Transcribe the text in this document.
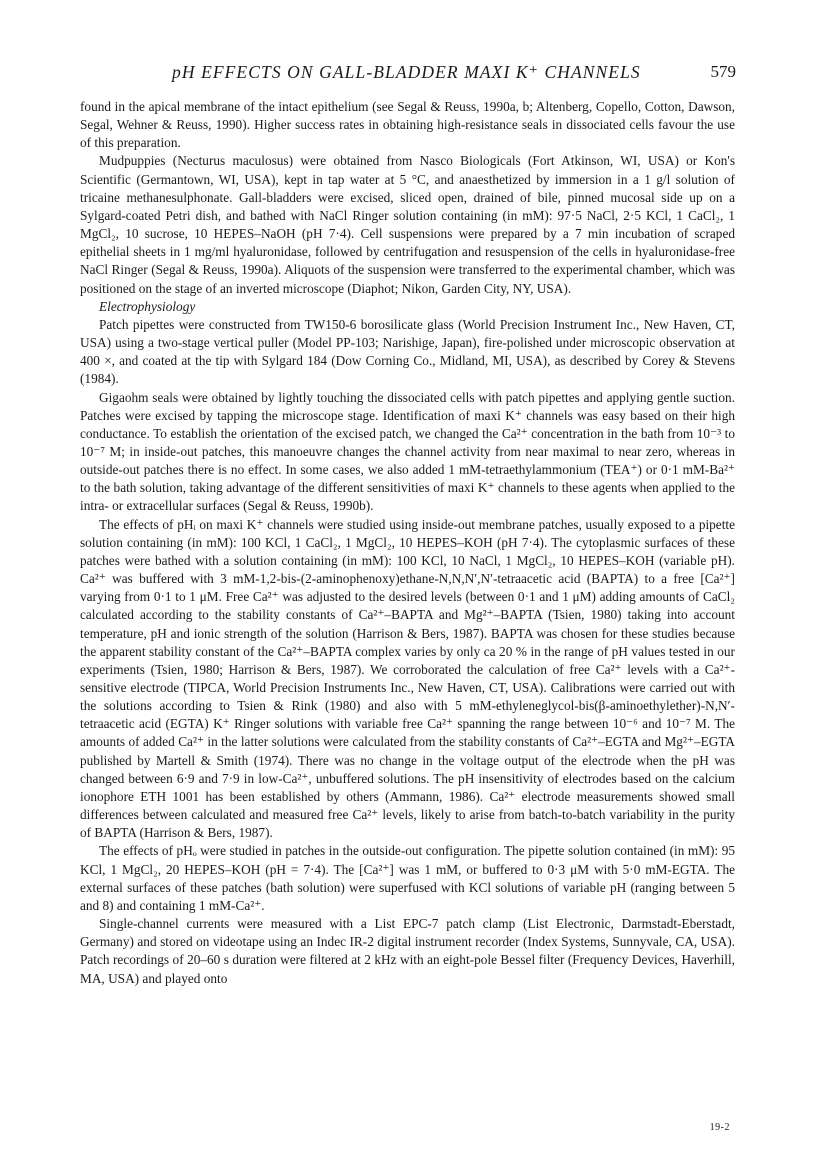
pH EFFECTS ON GALL-BLADDER MAXI K⁺ CHANNELS	579

found in the apical membrane of the intact epithelium (see Segal & Reuss, 1990a, b; Altenberg, Copello, Cotton, Dawson, Segal, Wehner & Reuss, 1990). Higher success rates in obtaining high-resistance seals in dissociated cells favour the use of this preparation.

Mudpuppies (Necturus maculosus) were obtained from Nasco Biologicals (Fort Atkinson, WI, USA) or Kon's Scientific (Germantown, WI, USA), kept in tap water at 5 °C, and anaesthetized by immersion in a 1 g/l solution of tricaine methanesulphonate. Gall-bladders were excised, sliced open, drained of bile, pinned mucosal side up on a Sylgard-coated Petri dish, and bathed with NaCl Ringer solution containing (in mM): 97·5 NaCl, 2·5 KCl, 1 CaCl₂, 1 MgCl₂, 10 sucrose, 10 HEPES–NaOH (pH 7·4). Cell suspensions were prepared by a 7 min incubation of scraped epithelial sheets in 1 mg/ml hyaluronidase, followed by centrifugation and resuspension of the cells in hyaluronidase-free NaCl Ringer (Segal & Reuss, 1990a). Aliquots of the suspension were transferred to the experimental chamber, which was positioned on the stage of an inverted microscope (Diaphot; Nikon, Garden City, NY, USA).

Electrophysiology

Patch pipettes were constructed from TW150-6 borosilicate glass (World Precision Instrument Inc., New Haven, CT, USA) using a two-stage vertical puller (Model PP-103; Narishige, Japan), fire-polished under microscopic observation at 400 ×, and coated at the tip with Sylgard 184 (Dow Corning Co., Midland, MI, USA), as described by Corey & Stevens (1984).

Gigaohm seals were obtained by lightly touching the dissociated cells with patch pipettes and applying gentle suction. Patches were excised by tapping the microscope stage. Identification of maxi K⁺ channels was easy based on their high conductance. To establish the orientation of the excised patch, we changed the Ca²⁺ concentration in the bath from 10⁻³ to 10⁻⁷ M; in inside-out patches, this manoeuvre changes the channel activity from near maximal to near zero, whereas in outside-out patches there is no effect. In some cases, we also added 1 mM-tetraethylammonium (TEA⁺) or 0·1 mM-Ba²⁺ to the bath solution, taking advantage of the different sensitivities of maxi K⁺ channels to these agents when applied to the intra- or extracellular surfaces (Segal & Reuss, 1990b).

The effects of pHᵢ on maxi K⁺ channels were studied using inside-out membrane patches, usually exposed to a pipette solution containing (in mM): 100 KCl, 1 CaCl₂, 1 MgCl₂, 10 HEPES–KOH (pH 7·4). The cytoplasmic surfaces of these patches were bathed with a solution containing (in mM): 100 KCl, 10 NaCl, 1 MgCl₂, 10 HEPES–KOH (variable pH). Ca²⁺ was buffered with 3 mM-1,2-bis-(2-aminophenoxy)ethane-N,N,N′,N′-tetraacetic acid (BAPTA) to a free [Ca²⁺] varying from 0·1 to 1 μM. Free Ca²⁺ was adjusted to the desired levels (between 0·1 and 1 μM) adding amounts of CaCl₂ calculated according to the stability constants of Ca²⁺–BAPTA and Mg²⁺–BAPTA (Tsien, 1980) taking into account temperature, pH and ionic strength of the solution (Harrison & Bers, 1987). BAPTA was chosen for these studies because the apparent stability constant of the Ca²⁺–BAPTA complex varies by only ca 20 % in the range of pH values tested in our experiments (Tsien, 1980; Harrison & Bers, 1987). We corroborated the calculation of free Ca²⁺ levels with a Ca²⁺-sensitive electrode (TIPCA, World Precision Instruments Inc., New Haven, CT, USA). Calibrations were carried out with the solutions according to Tsien & Rink (1980) and also with 5 mM-ethyleneglycol-bis(β-aminoethylether)-N,N′-tetraacetic acid (EGTA) K⁺ Ringer solutions with variable free Ca²⁺ spanning the range between 10⁻⁶ and 10⁻⁷ M. The amounts of added Ca²⁺ in the latter solutions were calculated from the stability constants of Ca²⁺–EGTA and Mg²⁺–EGTA published by Martell & Smith (1974). There was no change in the voltage output of the electrode when the pH was changed between 6·9 and 7·9 in low-Ca²⁺, unbuffered solutions. The pH insensitivity of electrodes based on the calcium ionophore ETH 1001 has been established by others (Ammann, 1986). Ca²⁺ electrode measurements showed small differences between calculated and measured free Ca²⁺ levels, likely to arise from batch-to-batch variability in the purity of BAPTA (Harrison & Bers, 1987).

The effects of pHₒ were studied in patches in the outside-out configuration. The pipette solution contained (in mM): 95 KCl, 1 MgCl₂, 20 HEPES–KOH (pH = 7·4). The [Ca²⁺] was 1 mM, or buffered to 0·3 μM with 5·0 mM-EGTA. The external surfaces of these patches (bath solution) were superfused with KCl solutions of variable pH (ranging between 5 and 8) and containing 1 mM-Ca²⁺.

Single-channel currents were measured with a List EPC-7 patch clamp (List Electronic, Darmstadt-Eberstadt, Germany) and stored on videotape using an Indec IR-2 digital instrument recorder (Index Systems, Sunnyvale, CA, USA). Patch recordings of 20–60 s duration were filtered at 2 kHz with an eight-pole Bessel filter (Frequency Devices, Haverhill, MA, USA) and played onto

19-2
